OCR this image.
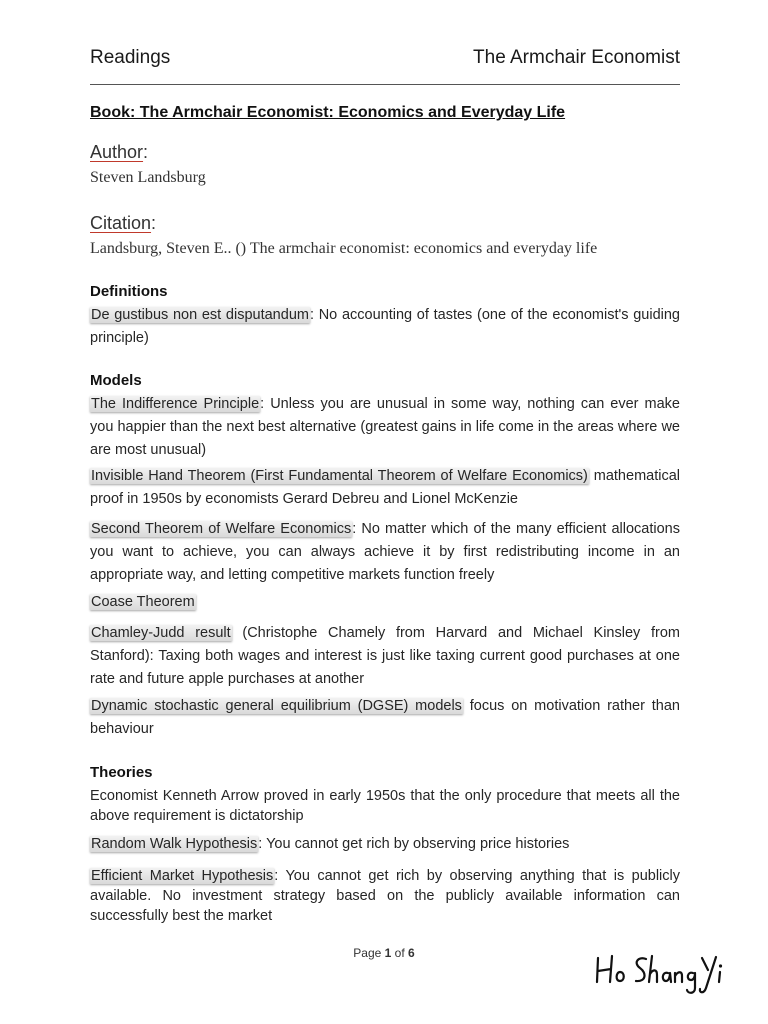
Readings	The Armchair Economist
Book: The Armchair Economist: Economics and Everyday Life
Author:
Steven Landsburg
Citation:
Landsburg, Steven E.. () The armchair economist: economics and everyday life
Definitions
De gustibus non est disputandum: No accounting of tastes (one of the economist's guiding principle)
Models
The Indifference Principle: Unless you are unusual in some way, nothing can ever make you happier than the next best alternative (greatest gains in life come in the areas where we are most unusual)
Invisible Hand Theorem (First Fundamental Theorem of Welfare Economics) mathematical proof in 1950s by economists Gerard Debreu and Lionel McKenzie
Second Theorem of Welfare Economics: No matter which of the many efficient allocations you want to achieve, you can always achieve it by first redistributing income in an appropriate way, and letting competitive markets function freely
Coase Theorem
Chamley-Judd result (Christophe Chamely from Harvard and Michael Kinsley from Stanford): Taxing both wages and interest is just like taxing current good purchases at one rate and future apple purchases at another
Dynamic stochastic general equilibrium (DGSE) models focus on motivation rather than behaviour
Theories
Economist Kenneth Arrow proved in early 1950s that the only procedure that meets all the above requirement is dictatorship
Random Walk Hypothesis: You cannot get rich by observing price histories
Efficient Market Hypothesis: You cannot get rich by observing anything that is publicly available. No investment strategy based on the publicly available information can successfully best the market
Page 1 of 6
